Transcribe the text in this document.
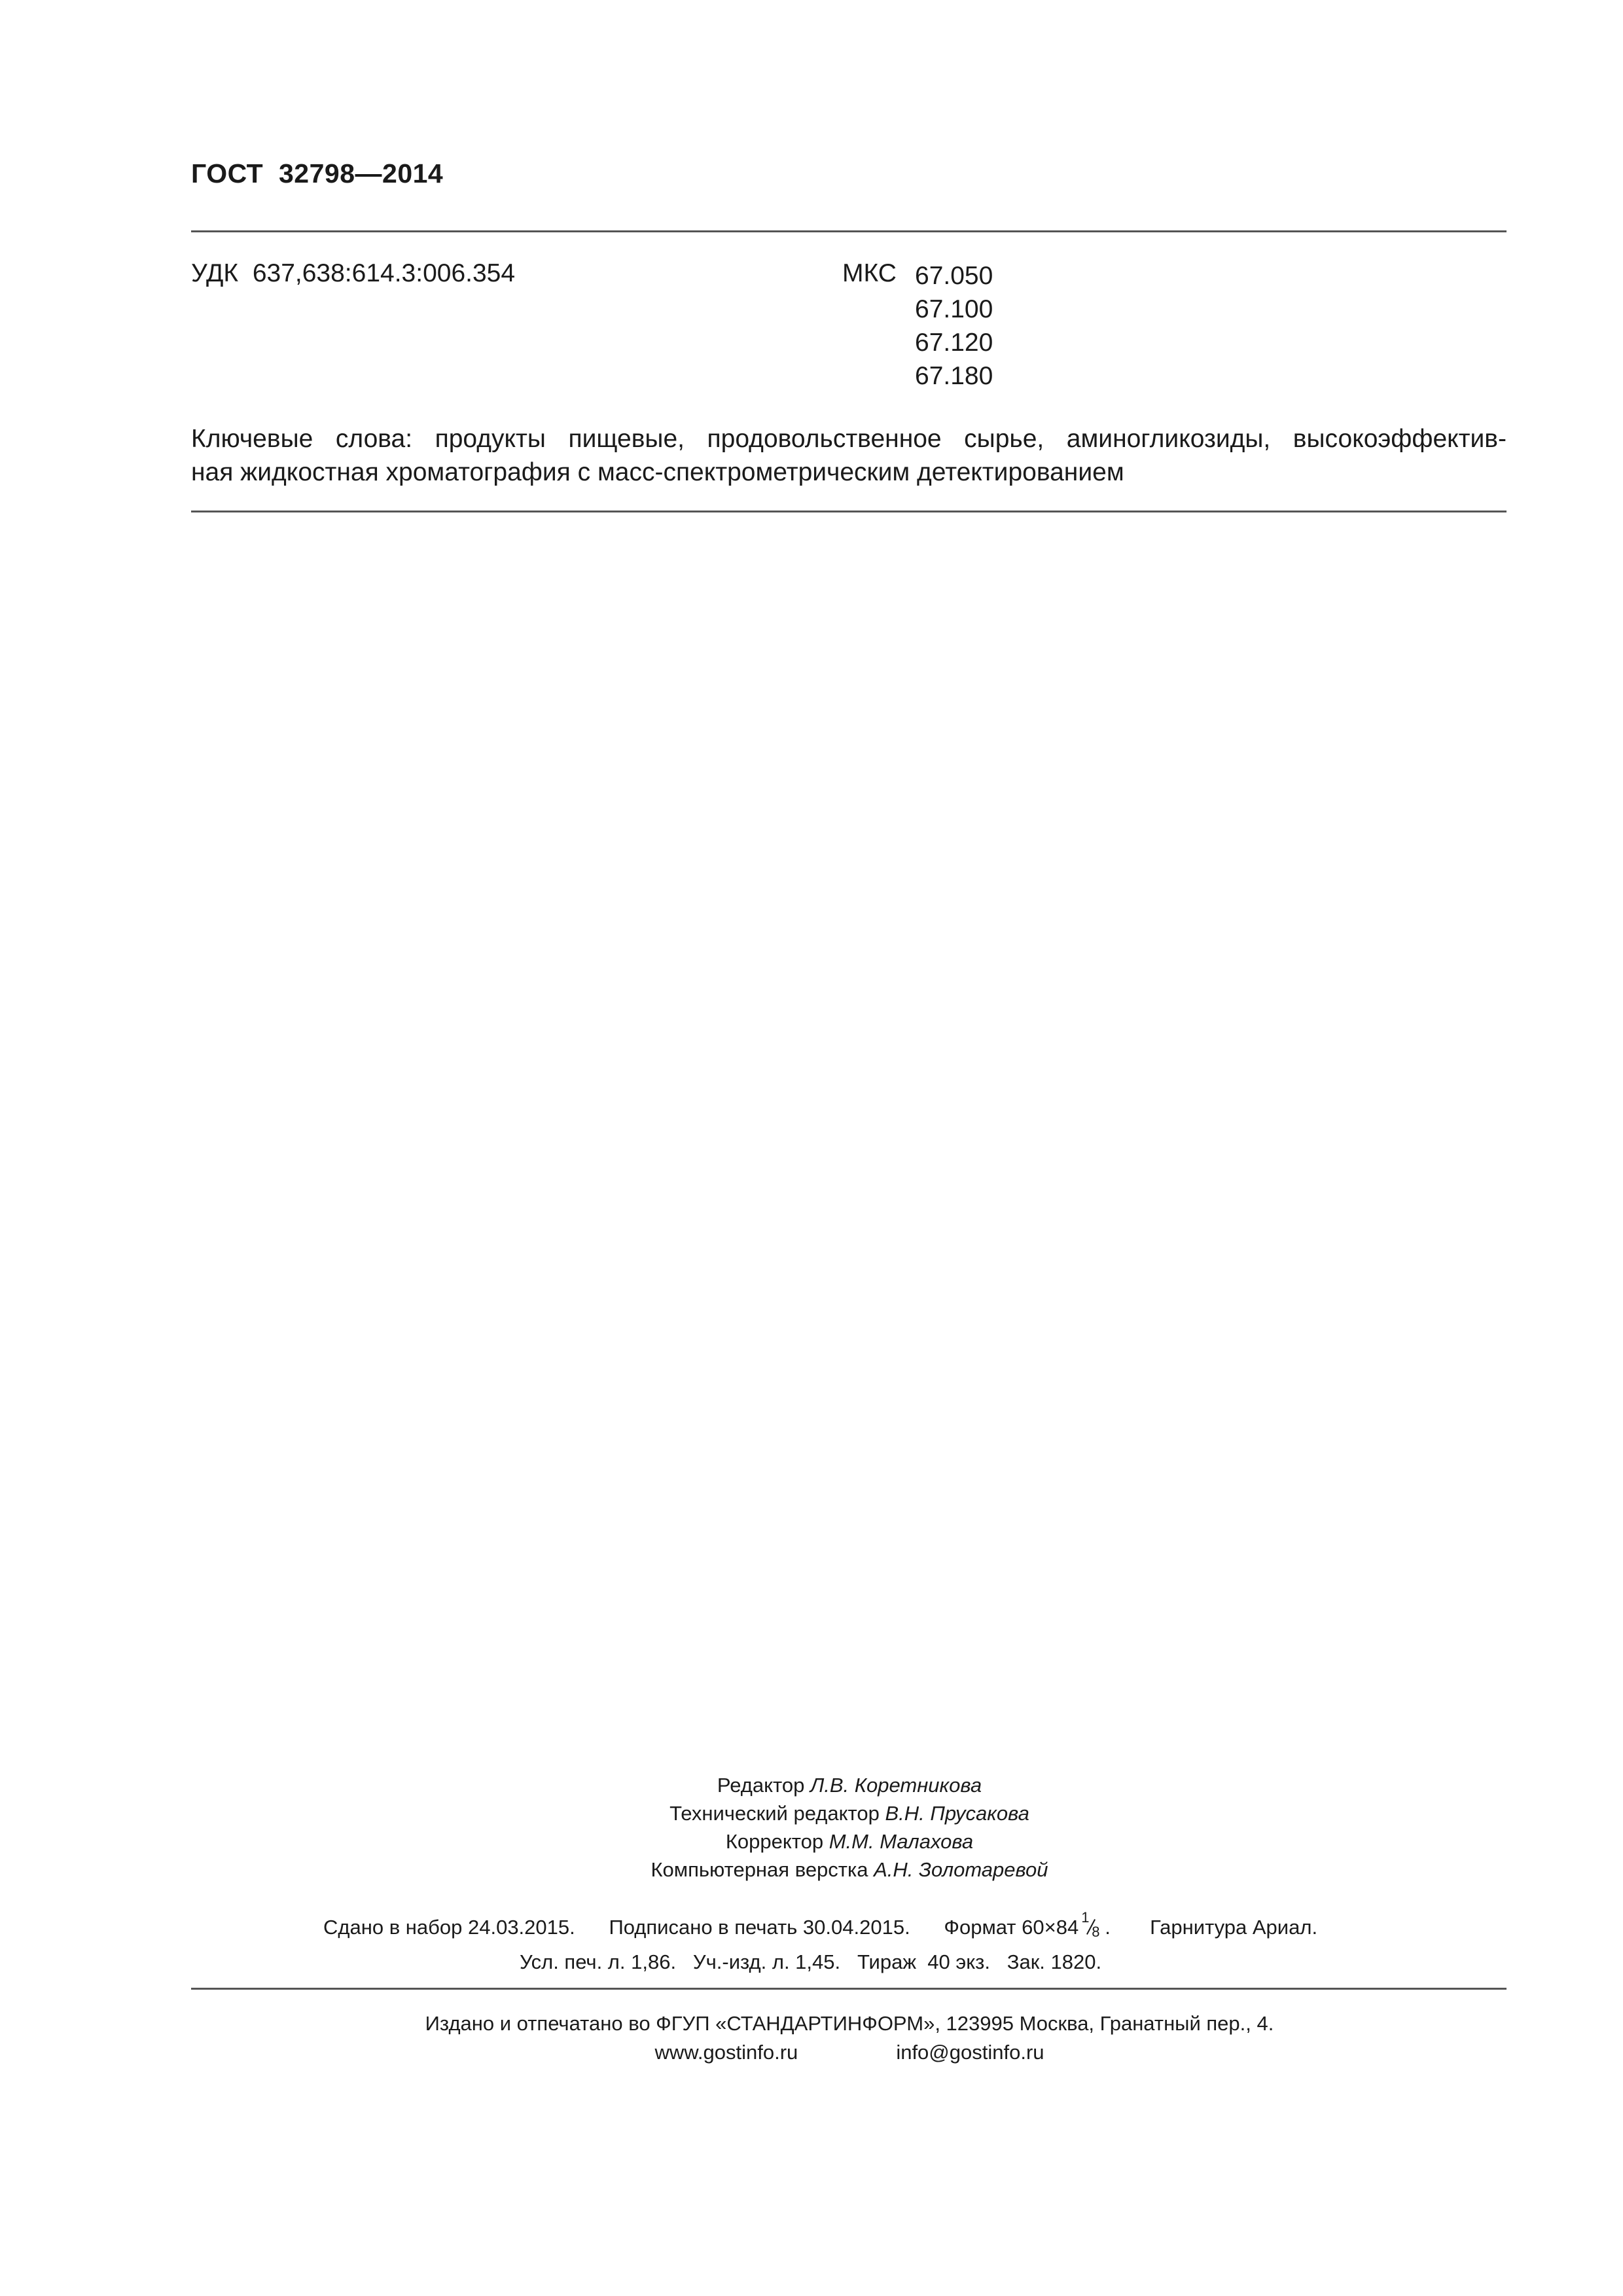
ГОСТ  32798—2014
УДК  637,638:614.3:006.354	МКС 67.050
67.100
67.120
67.180
Ключевые слова: продукты пищевые, продовольственное сырье, аминогликозиды, высокоэффектив-
ная жидкостная хроматография с масс-спектрометрическим детектированием
Редактор Л.В. Коретникова
Технический редактор В.Н. Прусакова
Корректор М.М. Малахова
Компьютерная верстка А.Н. Золотаревой
Сдано в набор 24.03.2015. Подписано в печать 30.04.2015. Формат 60×84 1
8 . Гарнитура Ариал.
Усл. печ. л. 1,86.   Уч.-изд. л. 1,45.   Тираж  40 экз.   Зак. 1820.
Издано и отпечатано во ФГУП «СТАНДАРТИНФОРМ», 123995 Москва, Гранатный пер., 4.
www.gostinfo.ru	info@gostinfo.ru
